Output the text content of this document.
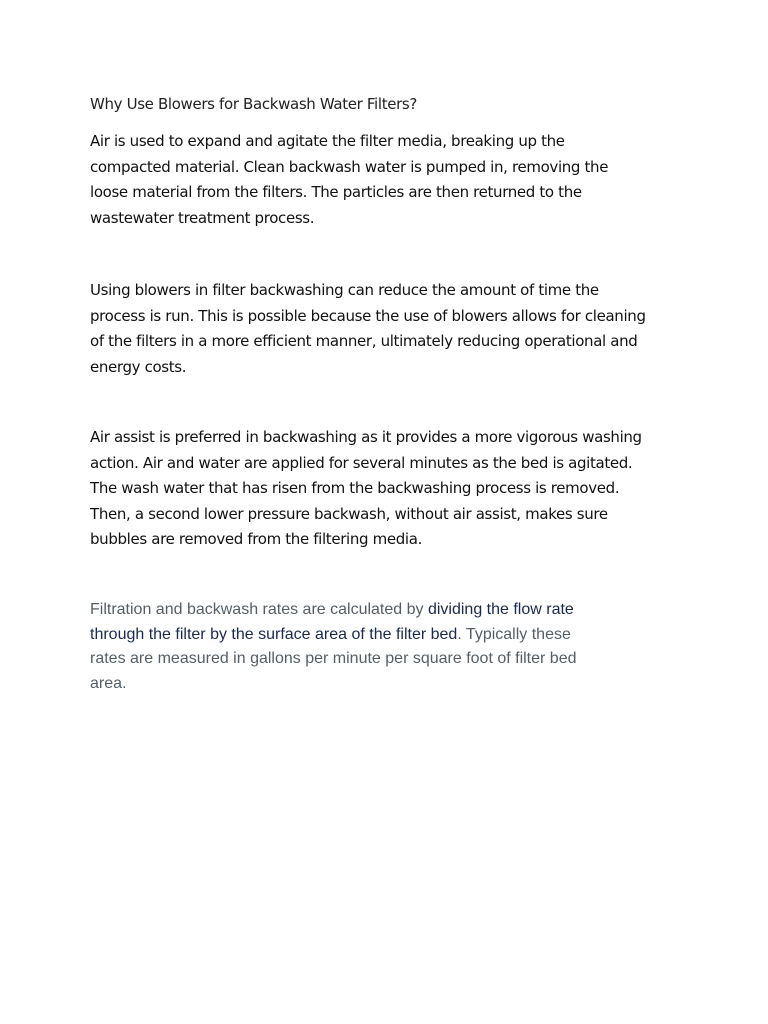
Why Use Blowers for Backwash Water Filters?

Air is used to expand and agitate the filter media, breaking up the
compacted material. Clean backwash water is pumped in, removing the
loose material from the filters. The particles are then returned to the
wastewater treatment process.

Using blowers in filter backwashing can reduce the amount of time the
process is run. This is possible because the use of blowers allows for cleaning
of the filters in a more efficient manner, ultimately reducing operational and
energy costs.

Air assist is preferred in backwashing as it provides a more vigorous washing
action. Air and water are applied for several minutes as the bed is agitated.
The wash water that has risen from the backwashing process is removed.
Then, a second lower pressure backwash, without air assist, makes sure
bubbles are removed from the filtering media.

Filtration and backwash rates are calculated by dividing the flow rate
through the filter by the surface area of the filter bed. Typically these
rates are measured in gallons per minute per square foot of filter bed
area.
